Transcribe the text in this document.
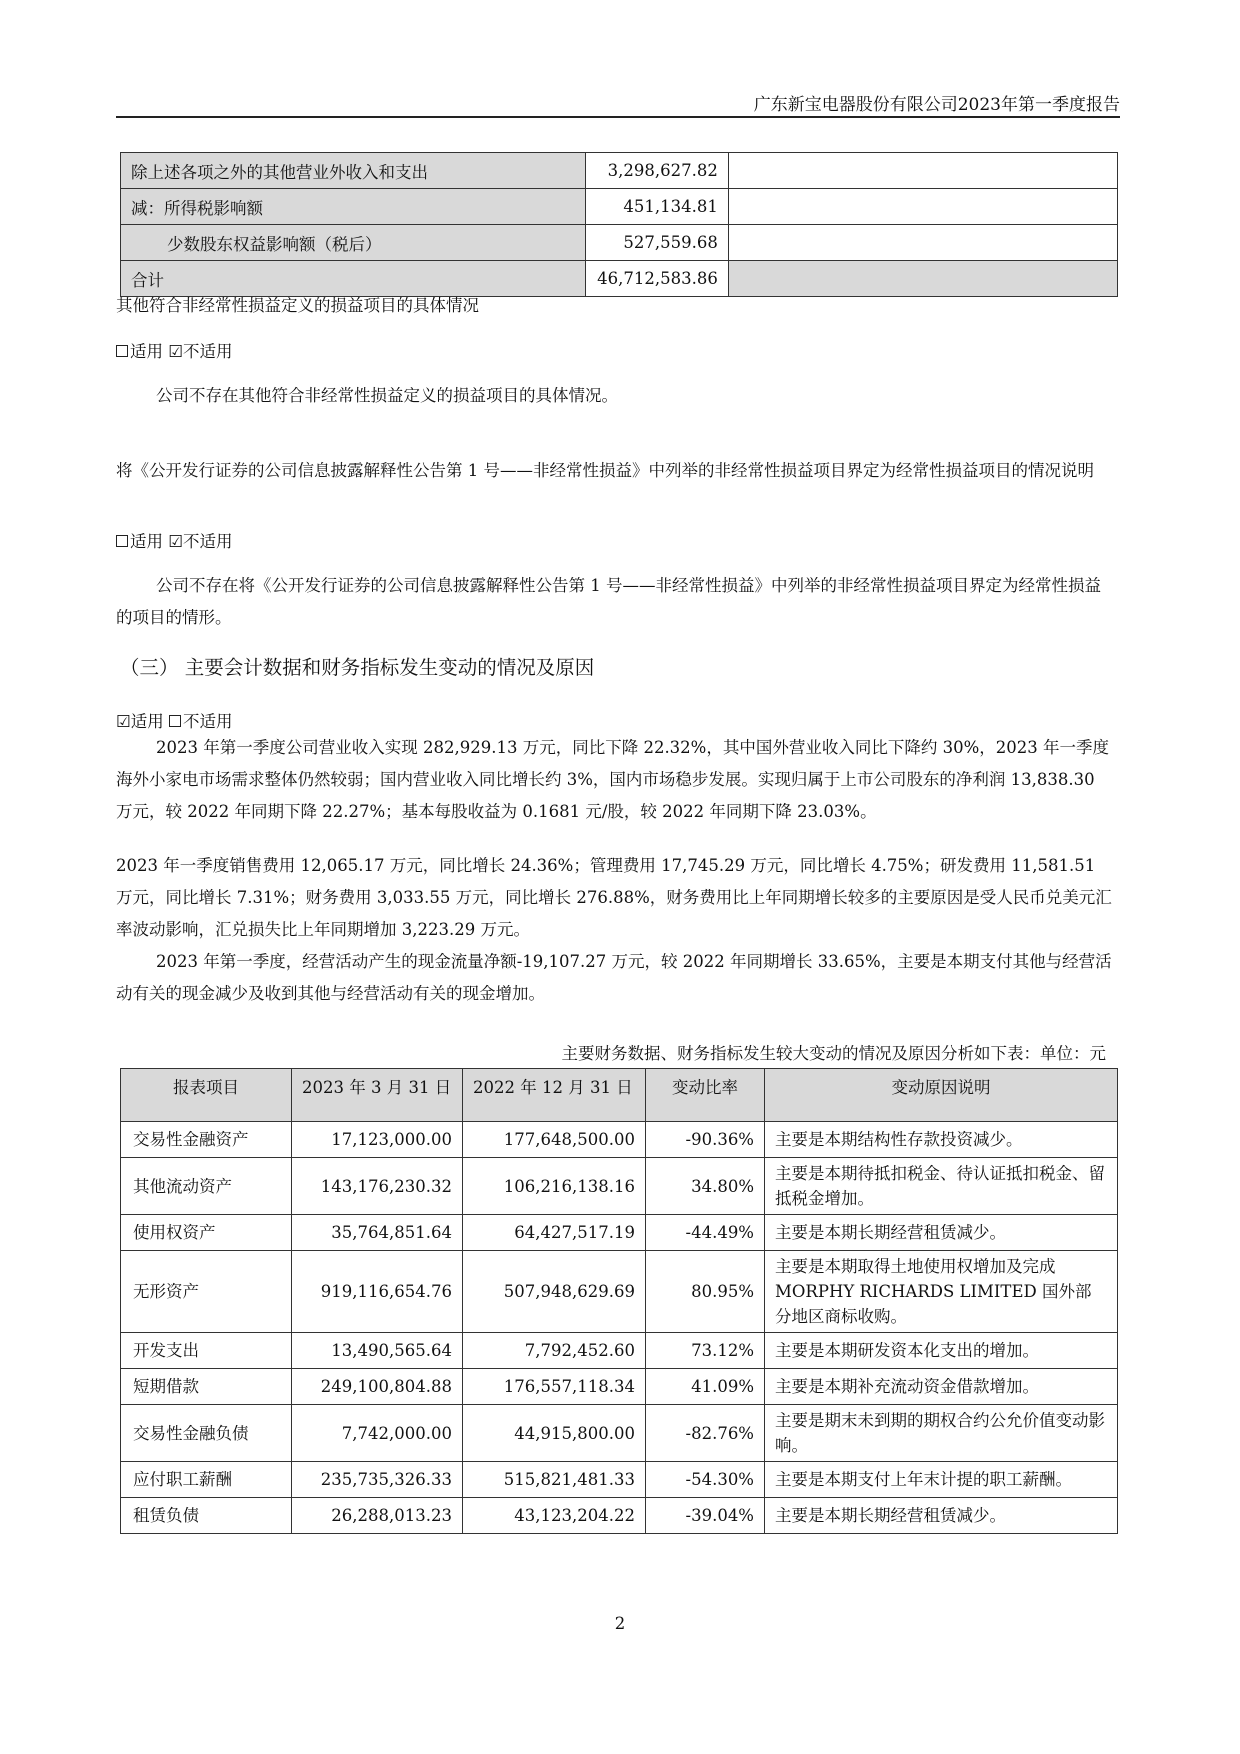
广东新宝电器股份有限公司2023年第一季度报告
除上述各项之外的其他营业外收入和支出	3,298,627.82	
减：所得税影响额	451,134.81	
少数股东权益影响额（税后）	527,559.68	
合计	46,712,583.86	

其他符合非经常性损益定义的损益项目的具体情况

适用 ☑不适用

公司不存在其他符合非经常性损益定义的损益项目的具体情况。

将《公开发行证券的公司信息披露解释性公告第 1 号——非经常性损益》中列举的非经常性损益项目界定为经常性损益项目的情况说明

适用 ☑不适用

公司不存在将《公开发行证券的公司信息披露解释性公告第 1 号——非经常性损益》中列举的非经常性损益项目界定为经常性损益的项目的情形。

（三） 主要会计数据和财务指标发生变动的情况及原因

☑适用 不适用

2023 年第一季度公司营业收入实现 282,929.13 万元，同比下降 22.32%，其中国外营业收入同比下降约 30%，2023 年一季度海外小家电市场需求整体仍然较弱；国内营业收入同比增长约 3%，国内市场稳步发展。实现归属于上市公司股东的净利润 13,838.30 万元，较 2022 年同期下降 22.27%；基本每股收益为 0.1681 元/股，较 2022 年同期下降 23.03%。

2023 年一季度销售费用 12,065.17 万元，同比增长 24.36%；管理费用 17,745.29 万元，同比增长 4.75%；研发费用 11,581.51 万元，同比增长 7.31%；财务费用 3,033.55 万元，同比增长 276.88%，财务费用比上年同期增长较多的主要原因是受人民币兑美元汇率波动影响，汇兑损失比上年同期增加 3,223.29 万元。

2023 年第一季度，经营活动产生的现金流量净额-19,107.27 万元，较 2022 年同期增长 33.65%，主要是本期支付其他与经营活动有关的现金减少及收到其他与经营活动有关的现金增加。

主要财务数据、财务指标发生较大变动的情况及原因分析如下表：单位：元
报表项目	2023 年 3 月 31 日	2022 年 12 月 31 日	变动比率	变动原因说明
交易性金融资产	17,123,000.00	177,648,500.00	-90.36%	主要是本期结构性存款投资减少。
其他流动资产	143,176,230.32	106,216,138.16	34.80%	主要是本期待抵扣税金、待认证抵扣税金、留抵税金增加。
使用权资产	35,764,851.64	64,427,517.19	-44.49%	主要是本期长期经营租赁减少。
无形资产	919,116,654.76	507,948,629.69	80.95%	主要是本期取得土地使用权增加及完成 MORPHY RICHARDS LIMITED 国外部分地区商标收购。
开发支出	13,490,565.64	7,792,452.60	73.12%	主要是本期研发资本化支出的增加。
短期借款	249,100,804.88	176,557,118.34	41.09%	主要是本期补充流动资金借款增加。
交易性金融负债	7,742,000.00	44,915,800.00	-82.76%	主要是期末未到期的期权合约公允价值变动影响。
应付职工薪酬	235,735,326.33	515,821,481.33	-54.30%	主要是本期支付上年末计提的职工薪酬。
租赁负债	26,288,013.23	43,123,204.22	-39.04%	主要是本期长期经营租赁减少。
2
